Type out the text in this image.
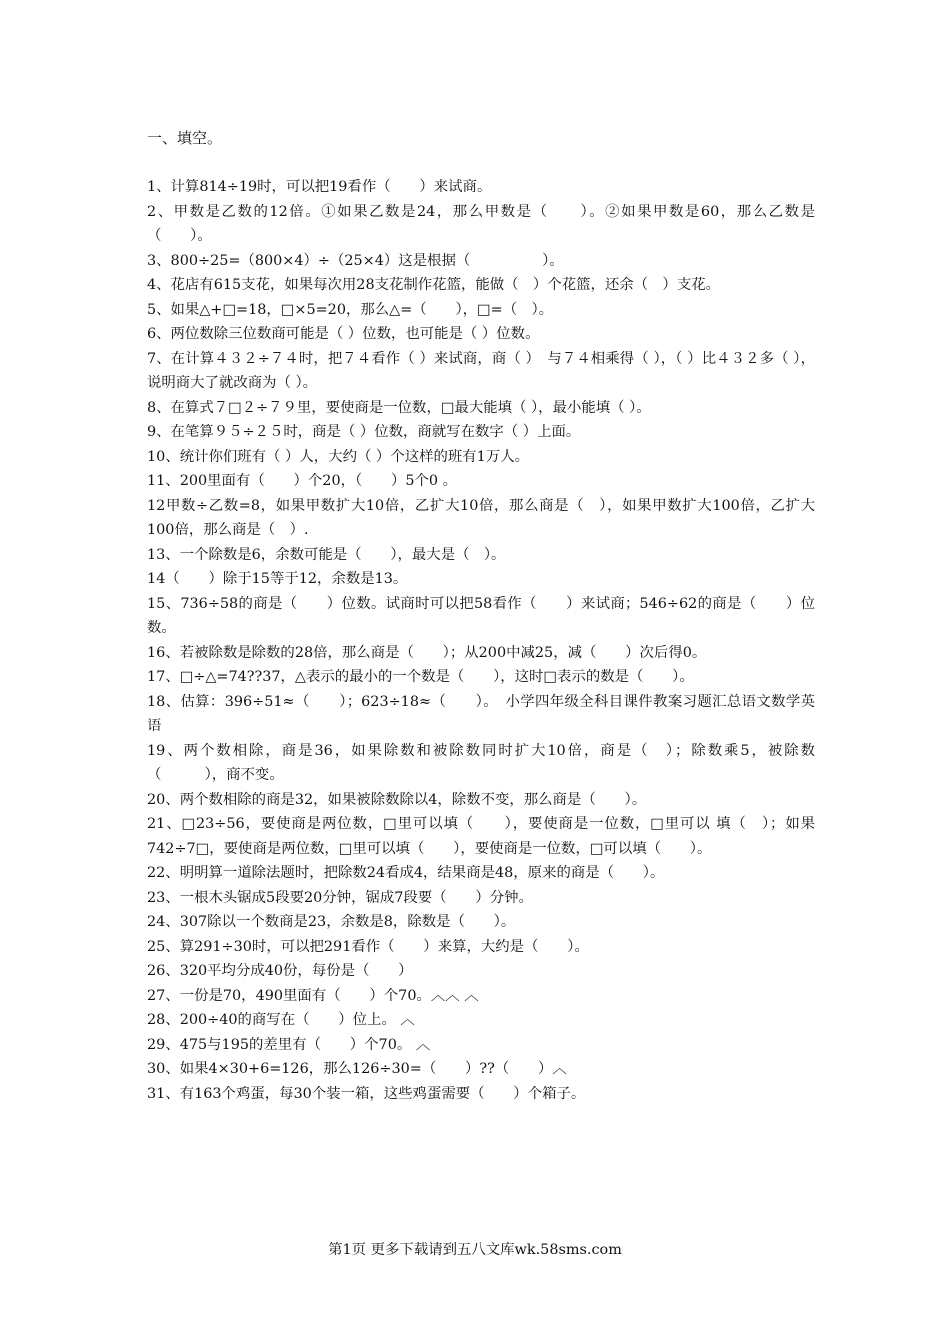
一、填空。
1、计算814÷19时，可以把19看作（　　）来试商。
2、甲数是乙数的12倍。①如果乙数是24，那么甲数是（　　）。②如果甲数是60，那么乙数是（　　）。
3、800÷25=（800×4）÷（25×4）这是根据（　　　　　）。
4、花店有615支花，如果每次用28支花制作花篮，能做（　）个花篮，还余（　）支花。
5、如果△+□=18，□×5=20，那么△=（　　），□=（　）。
6、两位数除三位数商可能是（ ）位数，也可能是（ ）位数。
7、在计算４３２÷７４时，把７４看作（ ）来试商，商（ ）　与７４相乘得（ ），（ ）比４３２多（ ），说明商大了就改商为（ ）。
8、在算式７□２÷７９里，要使商是一位数，□最大能填（ ），最小能填（ ）。
9、在笔算９５÷２５时，商是（ ）位数，商就写在数字（ ）上面。
10、统计你们班有（ ）人，大约（ ）个这样的班有1万人。
11、200里面有（　　）个20，（　　）5个0 。
12甲数÷乙数=8，如果甲数扩大10倍，乙扩大10倍，那么商是（　），如果甲数扩大100倍，乙扩大100倍，那么商是（　）.
13、一个除数是6，余数可能是（　　），最大是（　）。
14（　　）除于15等于12，余数是13。
15、736÷58的商是（　　）位数。试商时可以把58看作（　　）来试商；546÷62的商是（　　）位数。
16、若被除数是除数的28倍，那么商是（　　）；从200中减25，减（　　）次后得0。
17、□÷△=74??37，△表示的最小的一个数是（　　），这时□表示的数是（　　）。
18、估算：396÷51≈（　　）；623÷18≈（　　）。　小学四年级全科目课件教案习题汇总语文数学英语
19、两个数相除，商是36，如果除数和被除数同时扩大10倍，商是（　）；除数乘5，被除数（　　　），商不变。
20、两个数相除的商是32，如果被除数除以4，除数不变，那么商是（　　）。
21、□23÷56，要使商是两位数，□里可以填（　　），要使商是一位数，□里可以 填（　）；如果742÷7□，要使商是两位数，□里可以填（　　），要使商是一位数，□可以填（　　）。
22、明明算一道除法题时，把除数24看成4，结果商是48，原来的商是（　　）。
23、一根木头锯成5段要20分钟，锯成7段要（　　）分钟。
24、307除以一个数商是23，余数是8，除数是（　　）。
25、算291÷30时，可以把291看作（　　）来算，大约是（　　）。
26、320平均分成40份，每份是（　　）
27、一份是70，490里面有（　　）个70。︿︿ ︿
28、200÷40的商写在（　　）位上。 ︿
29、475与195的差里有（　　）个70。 ︿
30、如果4×30+6=126，那么126÷30=（　　）??（　　）︿
31、有163个鸡蛋，每30个装一箱，这些鸡蛋需要（　　）个箱子。
第1页 更多下载请到五八文库wk.58sms.com
